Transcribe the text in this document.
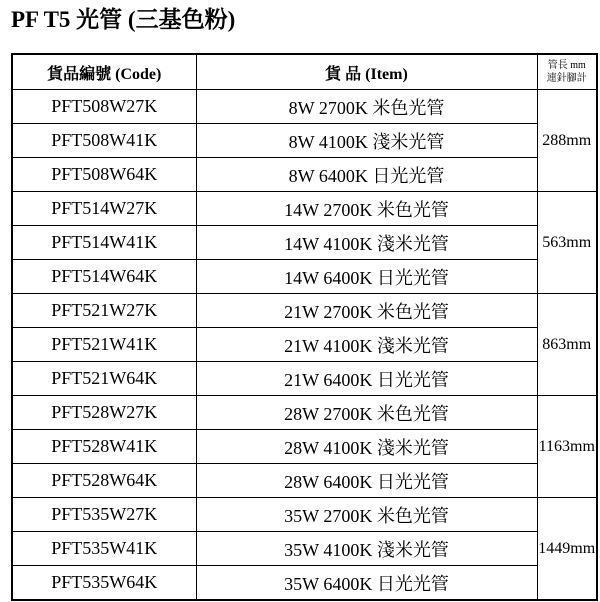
PF T5 光管 (三基色粉)
貨品編號 (Code)	貨 品 (Item)	管長 mm
連針腳計

PFT508W27K	8W 2700K 米色光管	288mm
PFT508W41K	8W 4100K 淺米光管	
PFT508W64K	8W 6400K 日光光管	
PFT514W27K	14W 2700K 米色光管	563mm
PFT514W41K	14W 4100K 淺米光管	
PFT514W64K	14W 6400K 日光光管	
PFT521W27K	21W 2700K 米色光管	863mm
PFT521W41K	21W 4100K 淺米光管	
PFT521W64K	21W 6400K 日光光管	
PFT528W27K	28W 2700K 米色光管	1163mm
PFT528W41K	28W 4100K 淺米光管	
PFT528W64K	28W 6400K 日光光管	
PFT535W27K	35W 2700K 米色光管	1449mm
PFT535W41K	35W 4100K 淺米光管	
PFT535W64K	35W 6400K 日光光管	
